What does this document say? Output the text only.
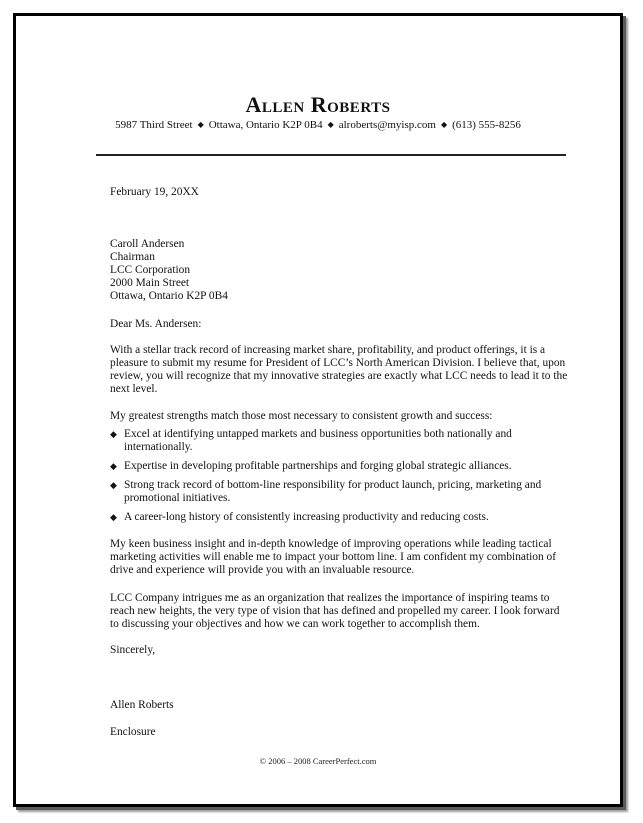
Allen Roberts
5987 Third Street ◆ Ottawa, Ontario K2P 0B4 ◆ alroberts@myisp.com ◆ (613) 555-8256
February 19, 20XX

Caroll Andersen

Chairman

LCC Corporation

2000 Main Street

Ottawa, Ontario K2P 0B4

Dear Ms. Andersen:
With a stellar track record of increasing market share, profitability, and product offerings, it is a pleasure to submit my resume for President of LCC’s North American Division. I believe that, upon review, you will recognize that my innovative strategies are exactly what LCC needs to lead it to the next level.
My greatest strengths match those most necessary to consistent growth and success:
◆ Excel at identifying untapped markets and business opportunities both nationally and internationally.
◆ Expertise in developing profitable partnerships and forging global strategic alliances.
◆ Strong track record of bottom-line responsibility for product launch, pricing, marketing and promotional initiatives.
◆ A career-long history of consistently increasing productivity and reducing costs.
My keen business insight and in-depth knowledge of improving operations while leading tactical marketing activities will enable me to impact your bottom line. I am confident my combination of drive and experience will provide you with an invaluable resource.
LCC Company intrigues me as an organization that realizes the importance of inspiring teams to reach new heights, the very type of vision that has defined and propelled my career. I look forward to discussing your objectives and how we can work together to accomplish them.
Sincerely,
Allen Roberts
Enclosure
© 2006 – 2008 CareerPerfect.com
